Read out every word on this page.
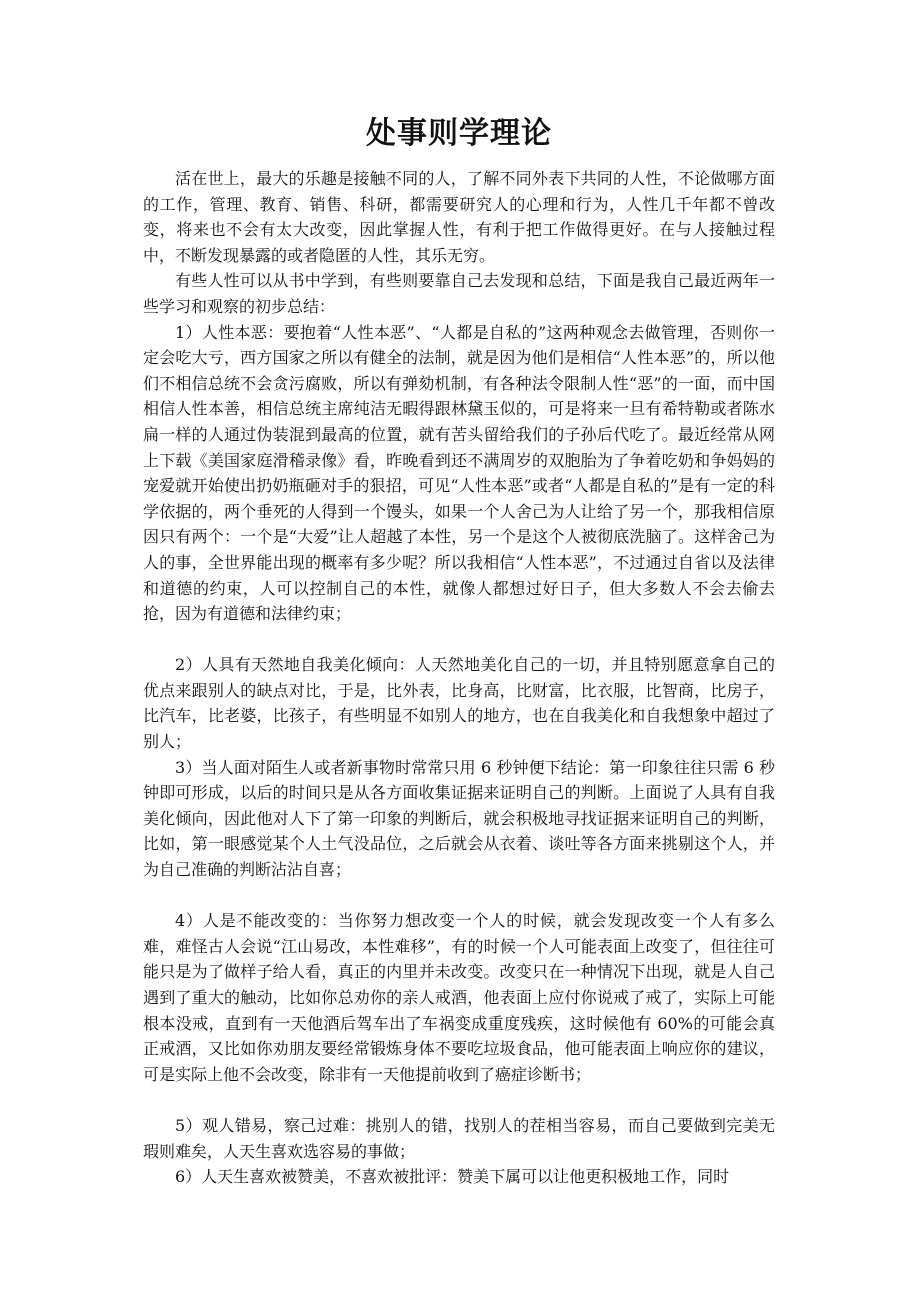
处事则学理论

活在世上，最大的乐趣是接触不同的人，了解不同外表下共同的人性，不论做哪方面的工作，管理、教育、销售、科研，都需要研究人的心理和行为，人性几千年都不曾改变，将来也不会有太大改变，因此掌握人性，有利于把工作做得更好。在与人接触过程中，不断发现暴露的或者隐匿的人性，其乐无穷。

有些人性可以从书中学到，有些则要靠自己去发现和总结，下面是我自己最近两年一些学习和观察的初步总结：

1）人性本恶：要抱着“人性本恶”、“人都是自私的”这两种观念去做管理，否则你一定会吃大亏，西方国家之所以有健全的法制，就是因为他们是相信“人性本恶”的，所以他们不相信总统不会贪污腐败，所以有弹劾机制，有各种法令限制人性“恶”的一面，而中国相信人性本善，相信总统主席纯洁无暇得跟林黛玉似的，可是将来一旦有希特勒或者陈水扁一样的人通过伪装混到最高的位置，就有苦头留给我们的子孙后代吃了。最近经常从网上下载《美国家庭滑稽录像》看，昨晚看到还不满周岁的双胞胎为了争着吃奶和争妈妈的宠爱就开始使出扔奶瓶砸对手的狠招，可见“人性本恶”或者“人都是自私的”是有一定的科学依据的，两个垂死的人得到一个馒头，如果一个人舍己为人让给了另一个，那我相信原因只有两个：一个是“大爱”让人超越了本性，另一个是这个人被彻底洗脑了。这样舍己为人的事，全世界能出现的概率有多少呢？所以我相信“人性本恶”，不过通过自省以及法律和道德的约束，人可以控制自己的本性，就像人都想过好日子，但大多数人不会去偷去抢，因为有道德和法律约束；

2）人具有天然地自我美化倾向：人天然地美化自己的一切，并且特别愿意拿自己的优点来跟别人的缺点对比，于是，比外表，比身高，比财富，比衣服，比智商，比房子，比汽车，比老婆，比孩子，有些明显不如别人的地方，也在自我美化和自我想象中超过了别人；

3）当人面对陌生人或者新事物时常常只用 6 秒钟便下结论：第一印象往往只需 6 秒钟即可形成，以后的时间只是从各方面收集证据来证明自己的判断。上面说了人具有自我美化倾向，因此他对人下了第一印象的判断后，就会积极地寻找证据来证明自己的判断，比如，第一眼感觉某个人土气没品位，之后就会从衣着、谈吐等各方面来挑剔这个人，并为自己准确的判断沾沾自喜；

4）人是不能改变的：当你努力想改变一个人的时候，就会发现改变一个人有多么难，难怪古人会说“江山易改，本性难移”，有的时候一个人可能表面上改变了，但往往可能只是为了做样子给人看，真正的内里并未改变。改变只在一种情况下出现，就是人自己遇到了重大的触动，比如你总劝你的亲人戒酒，他表面上应付你说戒了戒了，实际上可能根本没戒，直到有一天他酒后驾车出了车祸变成重度残疾，这时候他有 60%的可能会真正戒酒，又比如你劝朋友要经常锻炼身体不要吃垃圾食品，他可能表面上响应你的建议，可是实际上他不会改变，除非有一天他提前收到了癌症诊断书；

5）观人错易，察己过难：挑别人的错，找别人的茬相当容易，而自己要做到完美无瑕则难矣，人天生喜欢选容易的事做；

6）人天生喜欢被赞美，不喜欢被批评：赞美下属可以让他更积极地工作，同时
